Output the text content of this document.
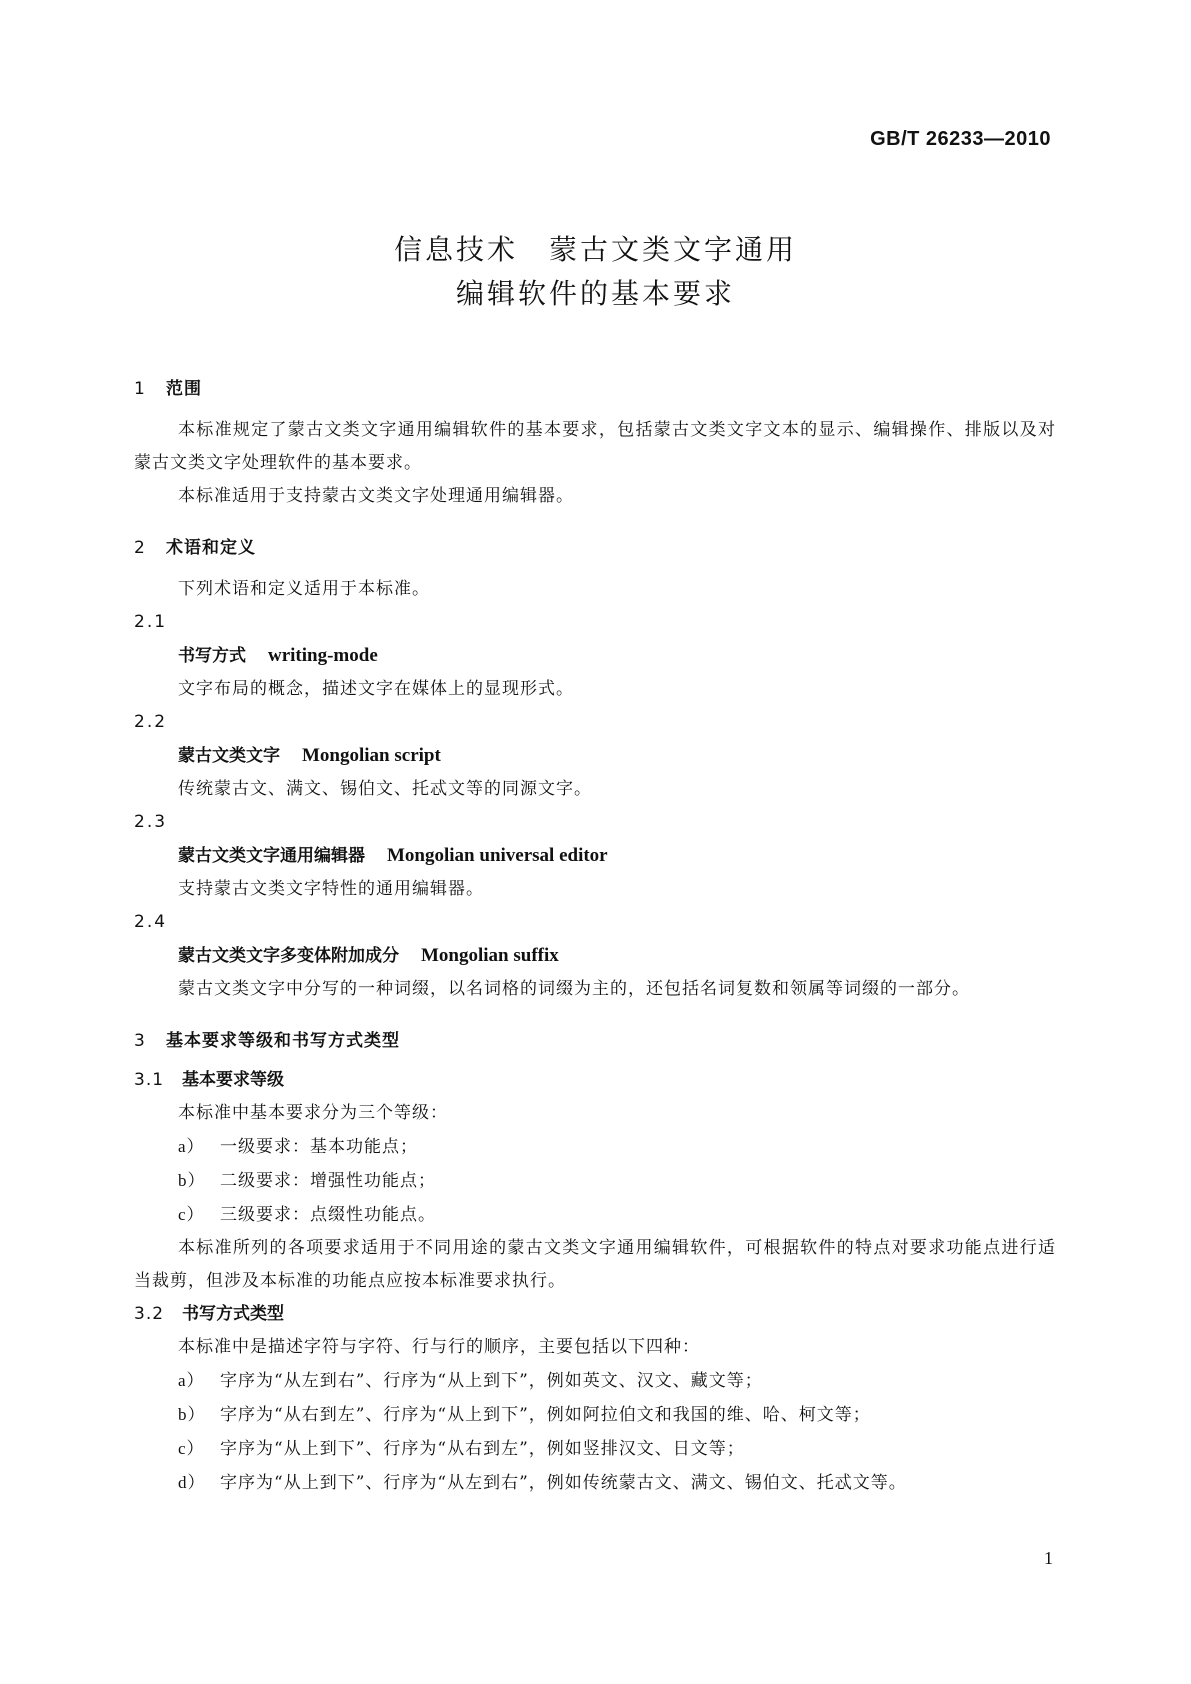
GB/T 26233—2010
信息技术　蒙古文类文字通用
编辑软件的基本要求
1 范围
本标准规定了蒙古文类文字通用编辑软件的基本要求，包括蒙古文类文字文本的显示、编辑操作、排版以及对蒙古文类文字处理软件的基本要求。
本标准适用于支持蒙古文类文字处理通用编辑器。
2 术语和定义
下列术语和定义适用于本标准。
2.1
书写方式 writing-mode
文字布局的概念，描述文字在媒体上的显现形式。
2.2
蒙古文类文字 Mongolian script
传统蒙古文、满文、锡伯文、托忒文等的同源文字。
2.3
蒙古文类文字通用编辑器 Mongolian universal editor
支持蒙古文类文字特性的通用编辑器。
2.4
蒙古文类文字多变体附加成分 Mongolian suffix
蒙古文类文字中分写的一种词缀，以名词格的词缀为主的，还包括名词复数和领属等词缀的一部分。
3 基本要求等级和书写方式类型
3.1 基本要求等级
本标准中基本要求分为三个等级：
a） 一级要求：基本功能点；
b） 二级要求：增强性功能点；
c） 三级要求：点缀性功能点。
本标准所列的各项要求适用于不同用途的蒙古文类文字通用编辑软件，可根据软件的特点对要求功能点进行适当裁剪，但涉及本标准的功能点应按本标准要求执行。
3.2 书写方式类型
本标准中是描述字符与字符、行与行的顺序，主要包括以下四种：
a） 字序为“从左到右”、行序为“从上到下”，例如英文、汉文、藏文等；
b） 字序为“从右到左”、行序为“从上到下”，例如阿拉伯文和我国的维、哈、柯文等；
c） 字序为“从上到下”、行序为“从右到左”，例如竖排汉文、日文等；
d） 字序为“从上到下”、行序为“从左到右”，例如传统蒙古文、满文、锡伯文、托忒文等。
1
